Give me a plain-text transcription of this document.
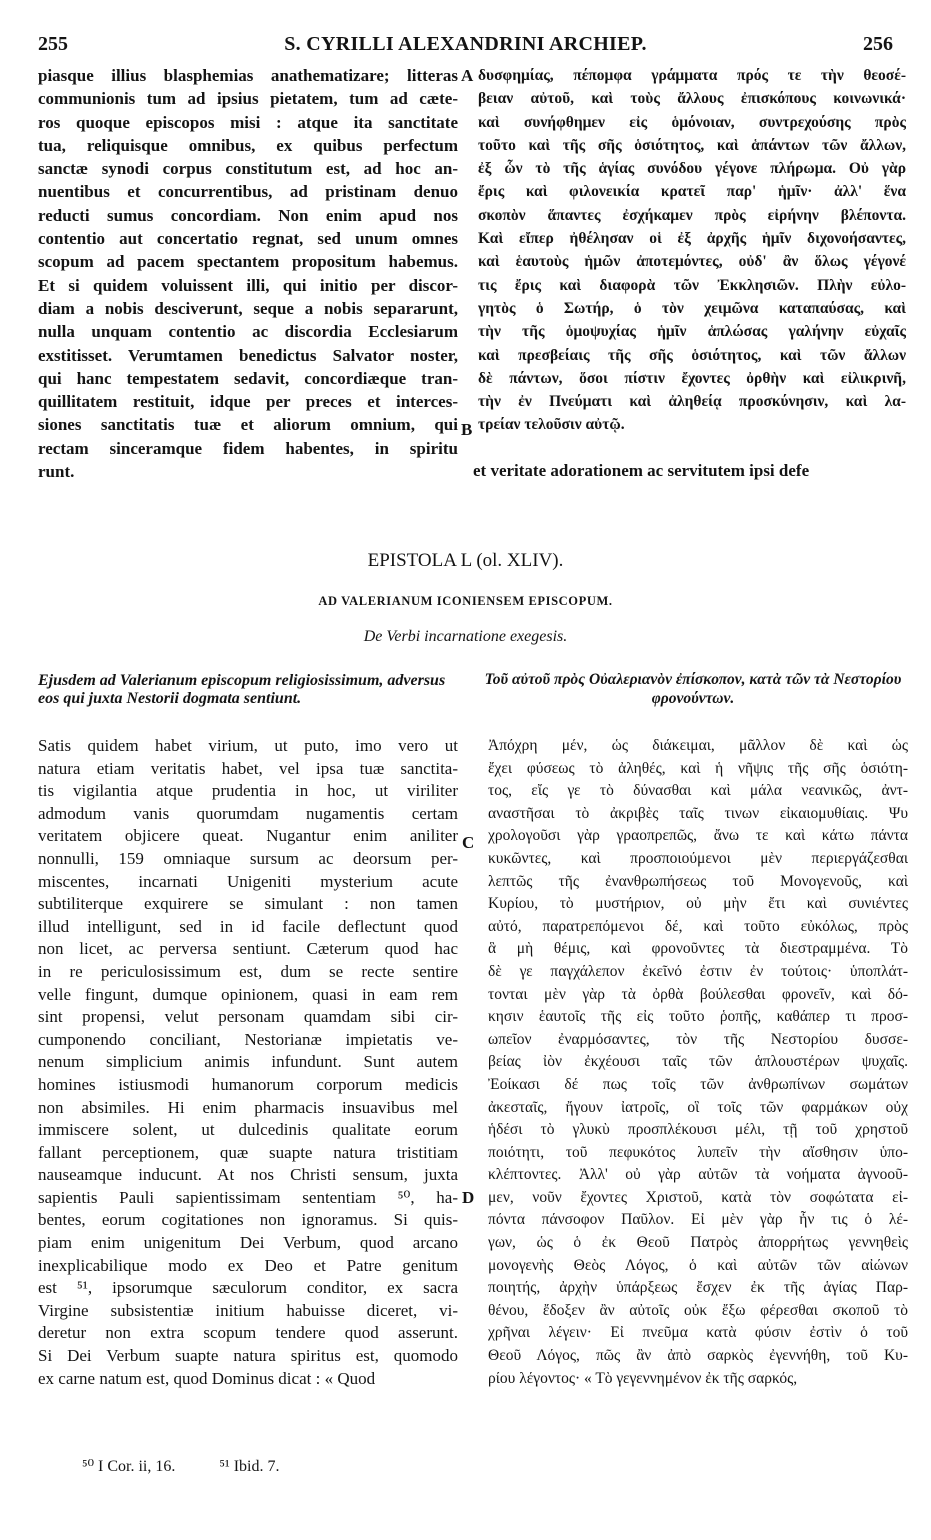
255	S. CYRILLI ALEXANDRINI ARCHIEP.	256
piasque illius blasphemias anathematizare; litteras
communionis tum ad ipsius pietatem, tum ad cæte-
ros quoque episcopos misi : atque ita sanctitate
tua, reliquisque omnibus, ex quibus perfectum
sanctæ synodi corpus constitutum est, ad hoc an-
nuentibus et concurrentibus, ad pristinam denuo
reducti sumus concordiam. Non enim apud nos
contentio aut concertatio regnat, sed unum omnes
scopum ad pacem spectantem propositum habemus.
Et si quidem voluissent illi, qui initio per discor-
diam a nobis desciverunt, seque a nobis separarunt,
nulla unquam contentio ac discordia Ecclesiarum
exstitisset. Verumtamen benedictus Salvator noster,
qui hanc tempestatem sedavit, concordiæque tran-
quillitatem restituit, idque per preces et interces-
siones sanctitatis tuæ et aliorum omnium, qui
rectam sinceramque fidem habentes, in spiritu
runt.
δυσφημίας, πέπομφα γράμματα πρός τε τὴν θεοσέ-
βειαν αὐτοῦ, καὶ τοὺς ἄλλους ἐπισκόπους κοινωνικά·
καὶ συνήφθημεν εἰς ὁμόνοιαν, συντρεχούσης πρὸς
τοῦτο καὶ τῆς σῆς ὁσιότητος, καὶ ἁπάντων τῶν ἄλλων,
ἐξ ὧν τὸ τῆς ἁγίας συνόδου γέγονε πλήρωμα. Οὐ γὰρ
ἔρις καὶ φιλονεικία κρατεῖ παρ' ἡμῖν· ἀλλ' ἕνα
σκοπὸν ἅπαντες ἐσχήκαμεν πρὸς εἰρήνην βλέποντα.
Καὶ εἴπερ ἠθέλησαν οἱ ἐξ ἀρχῆς ἡμῖν διχονοήσαντες,
καὶ ἑαυτοὺς ἡμῶν ἀποτεμόντες, οὐδ' ἂν ὅλως γέγονέ
τις ἔρις καὶ διαφορὰ τῶν Ἐκκλησιῶν. Πλὴν εὐλο-
γητὸς ὁ Σωτήρ, ὁ τὸν χειμῶνα καταπαύσας, καὶ
τὴν τῆς ὁμοψυχίας ἡμῖν ἁπλώσας γαλήνην εὐχαῖς
καὶ πρεσβείαις τῆς σῆς ὁσιότητος, καὶ τῶν ἄλλων
δὲ πάντων, ὅσοι πίστιν ἔχοντες ὀρθὴν καὶ εἰλικρινῆ,
τὴν ἐν Πνεύματι καὶ ἀληθείᾳ προσκύνησιν, καὶ λα-
τρείαν τελοῦσιν αὐτῷ.
et veritate adorationem ac servitutem ipsi defe
A
B
C
D
EPISTOLA L (ol. XLIV).
AD VALERIANUM ICONIENSEM EPISCOPUM.
De Verbi incarnatione exegesis.
Ejusdem ad Valerianum episcopum religiosissimum, adversus eos qui juxta Nestorii dogmata sentiunt.
Τοῦ αὐτοῦ πρὸς Οὐαλεριανὸν ἐπίσκοπον, κατὰ τῶν τὰ Νεστορίου φρονούντων.
Satis quidem habet virium, ut puto, imo vero ut
natura etiam veritatis habet, vel ipsa tuæ sanctita-
tis vigilantia atque prudentia in hoc, ut viriliter
admodum vanis quorumdam nugamentis certam
veritatem objicere queat. Nugantur enim aniliter
nonnulli, 159 omniaque sursum ac deorsum per-
miscentes, incarnati Unigeniti mysterium acute
subtiliterque exquirere se simulant : non tamen
illud intelligunt, sed in id facile deflectunt quod
non licet, ac perversa sentiunt. Cæterum quod hac
in re periculosissimum est, dum se recte sentire
velle fingunt, dumque opinionem, quasi in eam rem
sint propensi, velut personam quamdam sibi cir-
cumponendo conciliant, Nestorianæ impietatis ve-
nenum simplicium animis infundunt. Sunt autem
homines istiusmodi humanorum corporum medicis
non absimiles. Hi enim pharmacis insuavibus mel
immiscere solent, ut dulcedinis qualitate eorum
fallant perceptionem, quæ suapte natura tristitiam
nauseamque inducunt. At nos Christi sensum, juxta
sapientis Pauli sapientissimam sententiam ⁵⁰, ha-
bentes, eorum cogitationes non ignoramus. Si quis-
piam enim unigenitum Dei Verbum, quod arcano
inexplicabilique modo ex Deo et Patre genitum
est ⁵¹, ipsorumque sæculorum conditor, ex sacra
Virgine subsistentiæ initium habuisse diceret, vi-
deretur non extra scopum tendere quod asserunt.
Si Dei Verbum suapte natura spiritus est, quomodo
ex carne natum est, quod Dominus dicat : « Quod
Ἀπόχρη μέν, ὡς διάκειμαι, μᾶλλον δὲ καὶ ὡς
ἔχει φύσεως τὸ ἀληθές, καὶ ἡ νῆψις τῆς σῆς ὁσιότη-
τος, εἴς γε τὸ δύνασθαι καὶ μάλα νεανικῶς, ἀντ-
αναστῆσαι τὸ ἀκριβὲς ταῖς τινων εἰκαιομυθίαις. Ψυ
χρολογοῦσι γὰρ γραοπρεπῶς, ἄνω τε καὶ κάτω πάντα
κυκῶντες, καὶ προσποιούμενοι μὲν περιεργάζεσθαι
λεπτῶς τῆς ἐνανθρωπήσεως τοῦ Μονογενοῦς, καὶ
Κυρίου, τὸ μυστήριον, οὐ μὴν ἔτι καὶ συνιέντες
αὐτό, παρατρεπόμενοι δέ, καὶ τοῦτο εὐκόλως, πρὸς
ἃ μὴ θέμις, καὶ φρονοῦντες τὰ διεστραμμένα. Τὸ
δὲ γε παγχάλεπον ἐκεῖνό ἐστιν ἐν τούτοις· ὑποπλάτ-
τονται μὲν γὰρ τὰ ὀρθὰ βούλεσθαι φρονεῖν, καὶ δό-
κησιν ἑαυτοῖς τῆς εἰς τοῦτο ῥοπῆς, καθάπερ τι προσ-
ωπεῖον ἐναρμόσαντες, τὸν τῆς Νεστορίου δυσσε-
βείας ἰὸν ἐκχέουσι ταῖς τῶν ἁπλουστέρων ψυχαῖς.
Ἐοίκασι δέ πως τοῖς τῶν ἀνθρωπίνων σωμάτων
ἀκεσταῖς, ἤγουν ἰατροῖς, οἳ τοῖς τῶν φαρμάκων οὐχ
ἡδέσι τὸ γλυκὺ προσπλέκουσι μέλι, τῇ τοῦ χρηστοῦ
ποιότητι, τοῦ πεφυκότος λυπεῖν τὴν αἴσθησιν ὑπο-
κλέπτοντες. Ἀλλ' οὐ γὰρ αὐτῶν τὰ νοήματα ἀγνοοῦ-
μεν, νοῦν ἔχοντες Χριστοῦ, κατὰ τὸν σοφώτατα εἰ-
πόντα πάνσοφον Παῦλον. Εἰ μὲν γὰρ ἦν τις ὁ λέ-
γων, ὡς ὁ ἐκ Θεοῦ Πατρὸς ἀπορρήτως γεννηθεὶς
μονογενὴς Θεὸς Λόγος, ὁ καὶ αὐτῶν τῶν αἰώνων
ποιητής, ἀρχὴν ὑπάρξεως ἔσχεν ἐκ τῆς ἁγίας Παρ-
θένου, ἔδοξεν ἂν αὐτοῖς οὐκ ἔξω φέρεσθαι σκοποῦ τὸ
χρῆναι λέγειν· Εἰ πνεῦμα κατὰ φύσιν ἐστὶν ὁ τοῦ
Θεοῦ Λόγος, πῶς ἂν ἀπὸ σαρκὸς ἐγεννήθη, τοῦ Κυ-
ρίου λέγοντος· « Τὸ γεγεννημένον ἐκ τῆς σαρκός,
⁵⁰ I Cor. ii, 16.	⁵¹ Ibid. 7.
